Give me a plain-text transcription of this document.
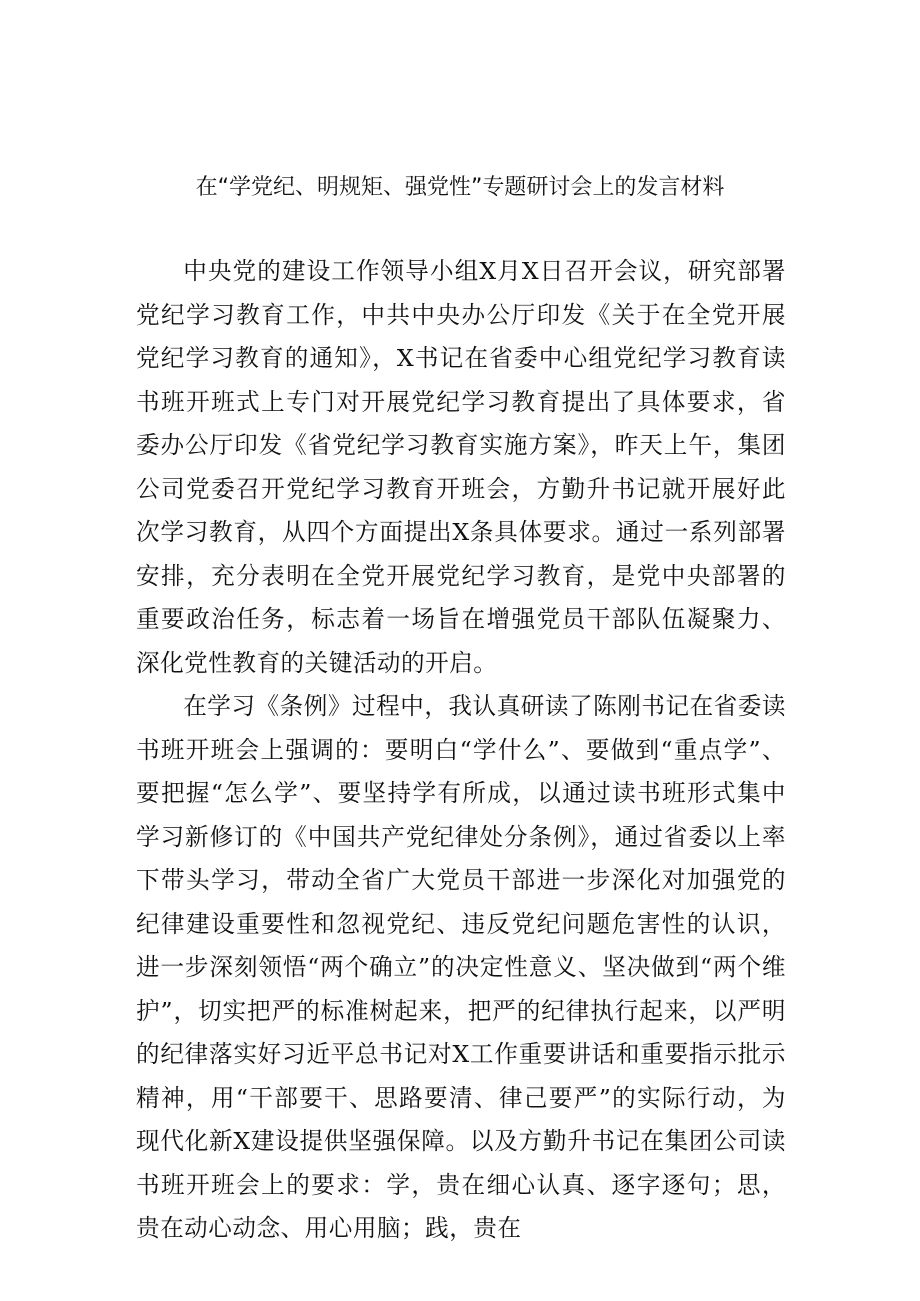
在“学党纪、明规矩、强党性”专题研讨会上的发言材料

中央党的建设工作领导小组X月X日召开会议，研究部署党纪学习教育工作，中共中央办公厅印发《关于在全党开展党纪学习教育的通知》，X书记在省委中心组党纪学习教育读书班开班式上专门对开展党纪学习教育提出了具体要求，省委办公厅印发《省党纪学习教育实施方案》，昨天上午，集团公司党委召开党纪学习教育开班会，方勤升书记就开展好此次学习教育，从四个方面提出X条具体要求。通过一系列部署安排，充分表明在全党开展党纪学习教育，是党中央部署的重要政治任务，标志着一场旨在增强党员干部队伍凝聚力、深化党性教育的关键活动的开启。

在学习《条例》过程中，我认真研读了陈刚书记在省委读书班开班会上强调的：要明白“学什么”、要做到“重点学”、要把握“怎么学”、要坚持学有所成，以通过读书班形式集中学习新修订的《中国共产党纪律处分条例》，通过省委以上率下带头学习，带动全省广大党员干部进一步深化对加强党的纪律建设重要性和忽视党纪、违反党纪问题危害性的认识，进一步深刻领悟“两个确立”的决定性意义、坚决做到“两个维护”，切实把严的标准树起来，把严的纪律执行起来，以严明的纪律落实好习近平总书记对X工作重要讲话和重要指示批示精神，用“干部要干、思路要清、律己要严”的实际行动，为现代化新X建设提供坚强保障。以及方勤升书记在集团公司读书班开班会上的要求：学，贵在细心认真、逐字逐句；思，贵在动心动念、用心用脑；践，贵在
